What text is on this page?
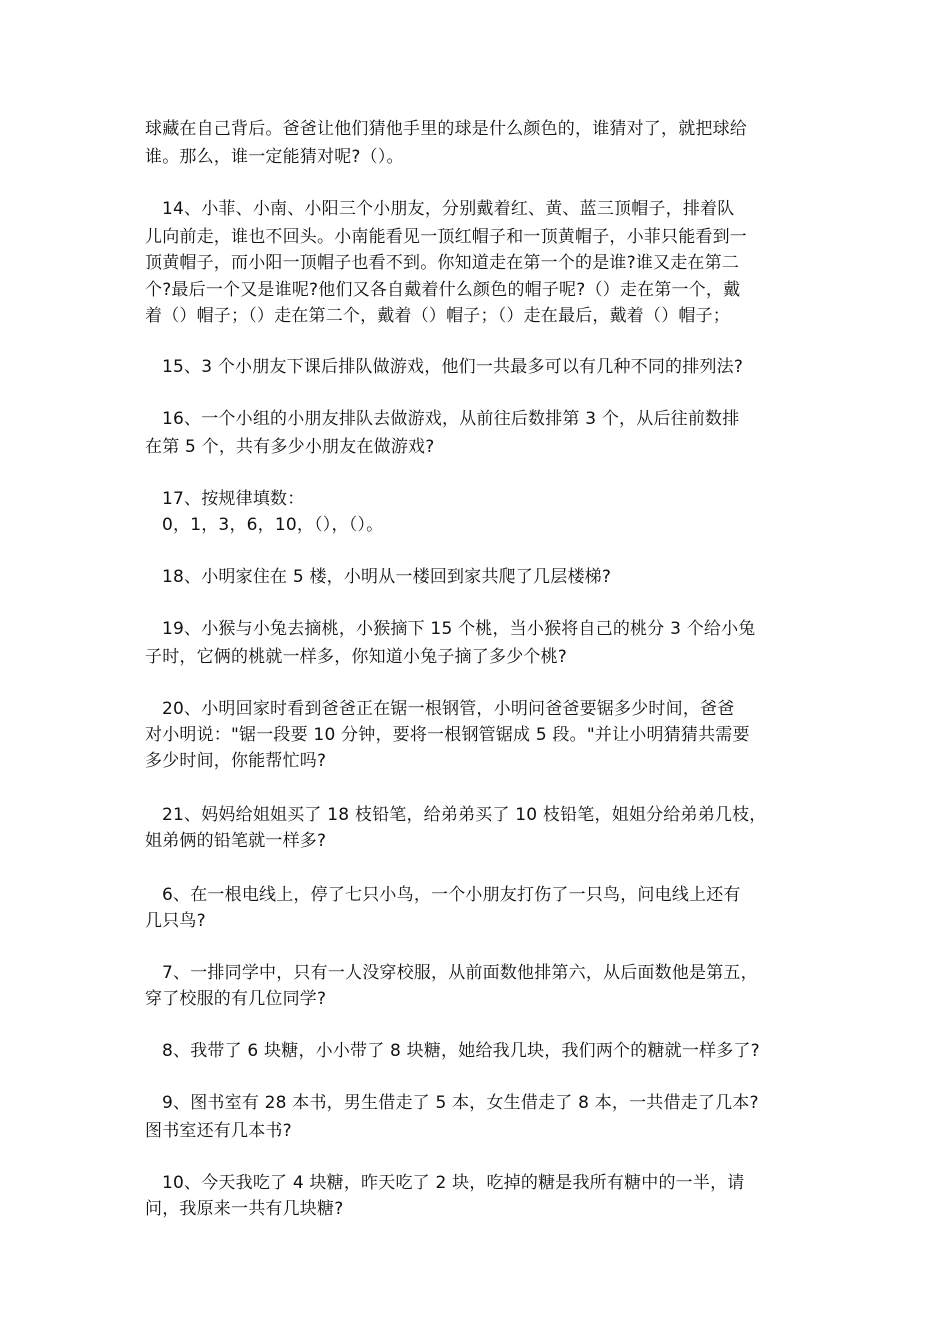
球藏在自己背后。爸爸让他们猜他手里的球是什么颜色的，谁猜对了，就把球给
谁。那么，谁一定能猜对呢?（）。
14、小菲、小南、小阳三个小朋友，分别戴着红、黄、蓝三顶帽子，排着队
儿向前走，谁也不回头。小南能看见一顶红帽子和一顶黄帽子，小菲只能看到一
顶黄帽子，而小阳一顶帽子也看不到。你知道走在第一个的是谁?谁又走在第二
个?最后一个又是谁呢?他们又各自戴着什么颜色的帽子呢?（）走在第一个，戴
着（）帽子；（）走在第二个，戴着（）帽子；（）走在最后，戴着（）帽子；
15、3 个小朋友下课后排队做游戏，他们一共最多可以有几种不同的排列法?
16、一个小组的小朋友排队去做游戏，从前往后数排第 3 个，从后往前数排
在第 5 个，共有多少小朋友在做游戏?
17、按规律填数：
0，1，3，6，10，（），（）。
18、小明家住在 5 楼，小明从一楼回到家共爬了几层楼梯?
19、小猴与小兔去摘桃，小猴摘下 15 个桃，当小猴将自己的桃分 3 个给小兔
子时，它俩的桃就一样多，你知道小兔子摘了多少个桃?
20、小明回家时看到爸爸正在锯一根钢管，小明问爸爸要锯多少时间，爸爸
对小明说："锯一段要 10 分钟，要将一根钢管锯成 5 段。"并让小明猜猜共需要
多少时间，你能帮忙吗?
21、妈妈给姐姐买了 18 枝铅笔，给弟弟买了 10 枝铅笔，姐姐分给弟弟几枝，
姐弟俩的铅笔就一样多?
6、在一根电线上，停了七只小鸟，一个小朋友打伤了一只鸟，问电线上还有
几只鸟?
7、一排同学中，只有一人没穿校服，从前面数他排第六，从后面数他是第五，
穿了校服的有几位同学?
8、我带了 6 块糖，小小带了 8 块糖，她给我几块，我们两个的糖就一样多了?
9、图书室有 28 本书，男生借走了 5 本，女生借走了 8 本，一共借走了几本?
图书室还有几本书?
10、今天我吃了 4 块糖，昨天吃了 2 块，吃掉的糖是我所有糖中的一半，请
问，我原来一共有几块糖?
